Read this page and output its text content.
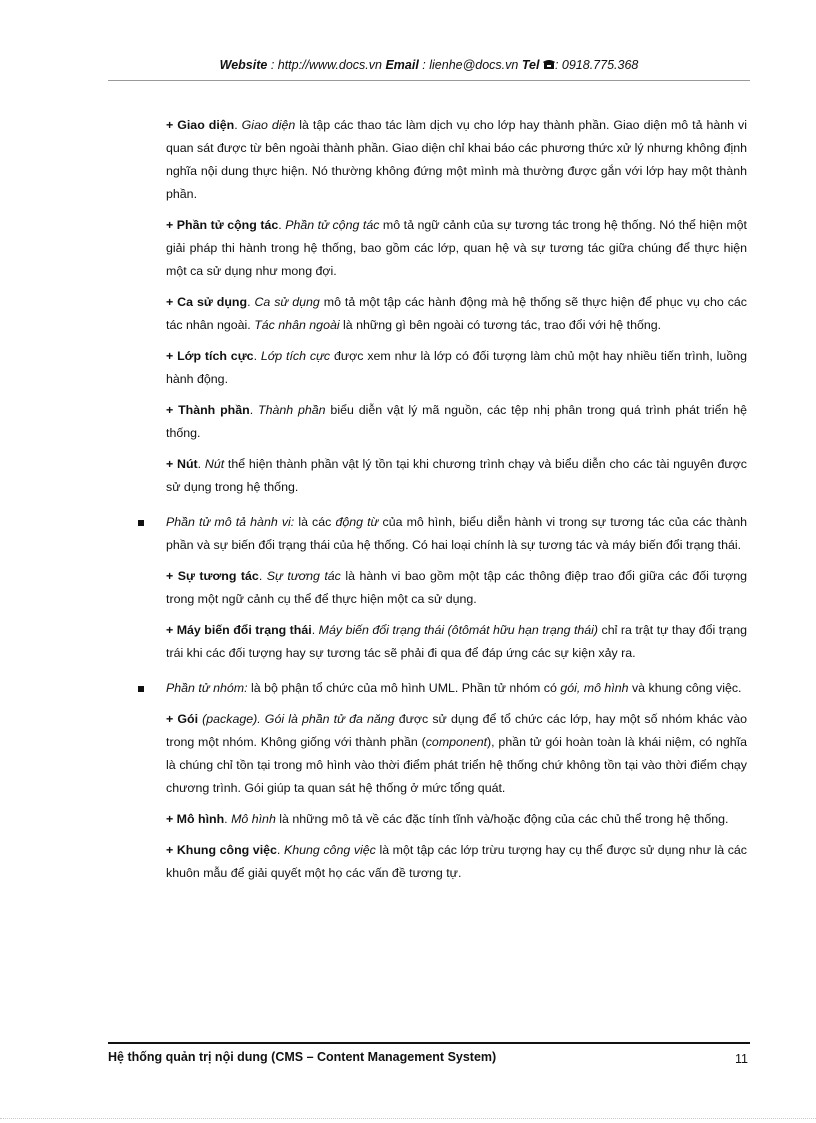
Website : http://www.docs.vn Email : lienhe@docs.vn Tel : 0918.775.368

+ Giao diện. Giao diện là tập các thao tác làm dịch vụ cho lớp hay thành phần. Giao diện mô tả hành vi quan sát được từ bên ngoài thành phần. Giao diện chỉ khai báo các phương thức xử lý nhưng không định nghĩa nội dung thực hiện. Nó thường không đứng một mình mà thường được gắn với lớp hay một thành phần.

+ Phần tử cộng tác. Phần tử cộng tác mô tả ngữ cảnh của sự tương tác trong hệ thống. Nó thể hiện một giải pháp thi hành trong hệ thống, bao gồm các lớp, quan hệ và sự tương tác giữa chúng để thực hiện một ca sử dụng như mong đợi.

+ Ca sử dụng. Ca sử dụng mô tả một tập các hành động mà hệ thống sẽ thực hiện để phục vụ cho các tác nhân ngoài. Tác nhân ngoài là những gì bên ngoài có tương tác, trao đổi với hệ thống.

+ Lớp tích cực. Lớp tích cực được xem như là lớp có đối tượng làm chủ một hay nhiều tiến trình, luồng hành động.

+ Thành phần. Thành phần biểu diễn vật lý mã nguồn, các tệp nhị phân trong quá trình phát triển hệ thống.

+ Nút. Nút thể hiện thành phần vật lý tồn tại khi chương trình chạy và biểu diễn cho các tài nguyên được sử dụng trong hệ thống.

Phần tử mô tả hành vi: là các động từ của mô hình, biểu diễn hành vi trong sự tương tác của các thành phần và sự biến đổi trạng thái của hệ thống. Có hai loại chính là sự tương tác và máy biến đổi trạng thái.

+ Sự tương tác. Sự tương tác là hành vi bao gồm một tập các thông điệp trao đổi giữa các đối tượng trong một ngữ cảnh cụ thể để thực hiện một ca sử dụng.

+ Máy biến đổi trạng thái. Máy biến đổi trạng thái (ôtômát hữu hạn trạng thái) chỉ ra trật tự thay đổi trạng trái khi các đối tượng hay sự tương tác sẽ phải đi qua để đáp ứng các sự kiện xảy ra.

Phần tử nhóm: là bộ phận tổ chức của mô hình UML. Phần tử nhóm có gói, mô hình và khung công việc.

+ Gói (package). Gói là phần tử đa năng được sử dụng để tổ chức các lớp, hay một số nhóm khác vào trong một nhóm. Không giống với thành phần (component), phần tử gói hoàn toàn là khái niệm, có nghĩa là chúng chỉ tồn tại trong mô hình vào thời điểm phát triển hệ thống chứ không tồn tại vào thời điểm chạy chương trình. Gói giúp ta quan sát hệ thống ở mức tổng quát.

+ Mô hình. Mô hình là những mô tả về các đặc tính tĩnh và/hoặc động của các chủ thể trong hệ thống.

+ Khung công việc. Khung công việc là một tập các lớp trừu tượng hay cụ thể được sử dụng như là các khuôn mẫu để giải quyết một họ các vấn đề tương tự.

Hệ thống quản trị nội dung (CMS – Content Management System)	11
